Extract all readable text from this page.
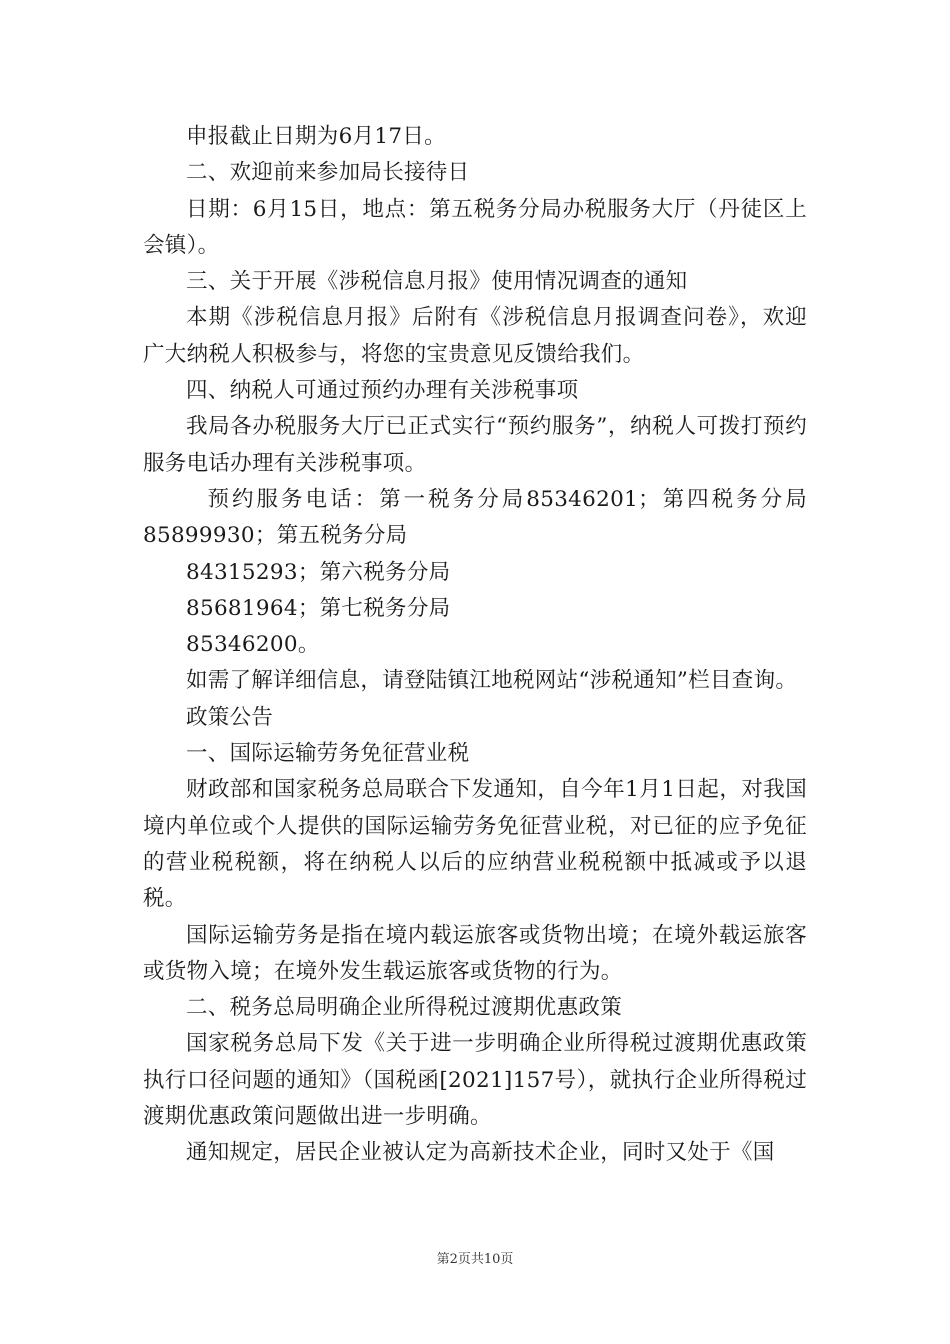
申报截止日期为6月17日。

二、欢迎前来参加局长接待日

日期：6月15日，地点：第五税务分局办税服务大厅（丹徒区上会镇）。

三、关于开展《涉税信息月报》使用情况调查的通知

本期《涉税信息月报》后附有《涉税信息月报调查问卷》，欢迎广大纳税人积极参与，将您的宝贵意见反馈给我们。

四、纳税人可通过预约办理有关涉税事项

我局各办税服务大厅已正式实行“预约服务”，纳税人可拨打预约服务电话办理有关涉税事项。

预约服务电话：第一税务分局85346201；第四税务分局85899930；第五税务分局

84315293；第六税务分局

85681964；第七税务分局

85346200。

如需了解详细信息，请登陆镇江地税网站“涉税通知”栏目查询。

政策公告

一、国际运输劳务免征营业税

财政部和国家税务总局联合下发通知，自今年1月1日起，对我国境内单位或个人提供的国际运输劳务免征营业税，对已征的应予免征的营业税税额，将在纳税人以后的应纳营业税税额中抵减或予以退税。

国际运输劳务是指在境内载运旅客或货物出境；在境外载运旅客或货物入境；在境外发生载运旅客或货物的行为。

二、税务总局明确企业所得税过渡期优惠政策

国家税务总局下发《关于进一步明确企业所得税过渡期优惠政策执行口径问题的通知》（国税函[2021]157号），就执行企业所得税过渡期优惠政策问题做出进一步明确。

通知规定，居民企业被认定为高新技术企业，同时又处于《国

第2页共10页
